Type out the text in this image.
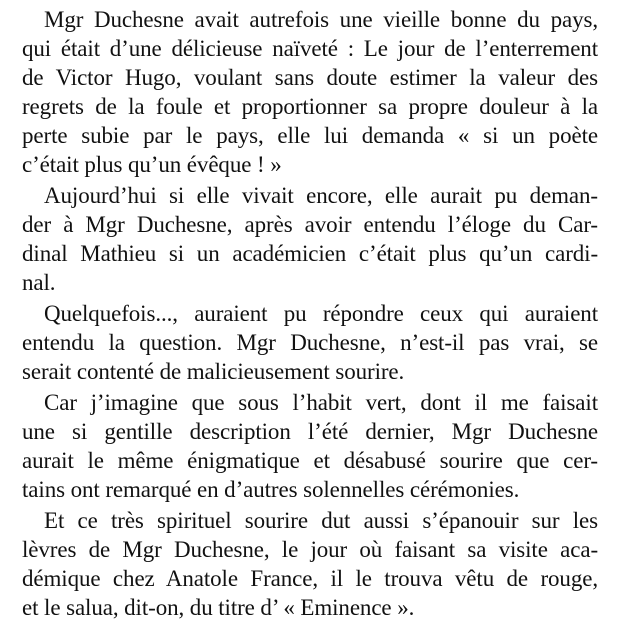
Mgr Duchesne avait autrefois une vieille bonne du pays,
qui était d’une délicieuse naïveté : Le jour de l’enterrement
de Victor Hugo, voulant sans doute estimer la valeur des
regrets de la foule et proportionner sa propre douleur à la
perte subie par le pays, elle lui demanda « si un poète
c’était plus qu’un évêque ! »
Aujourd’hui si elle vivait encore, elle aurait pu deman-
der à Mgr Duchesne, après avoir entendu l’éloge du Car-
dinal Mathieu si un académicien c’était plus qu’un cardi-
nal.
Quelquefois..., auraient pu répondre ceux qui auraient
entendu la question. Mgr Duchesne, n’est-il pas vrai, se
serait contenté de malicieusement sourire.
Car j’imagine que sous l’habit vert, dont il me faisait
une si gentille description l’été dernier, Mgr Duchesne
aurait le même énigmatique et désabusé sourire que cer-
tains ont remarqué en d’autres solennelles cérémonies.
Et ce très spirituel sourire dut aussi s’épanouir sur les
lèvres de Mgr Duchesne, le jour où faisant sa visite aca-
démique chez Anatole France, il le trouva vêtu de rouge,
et le salua, dit-on, du titre d’ « Eminence ».
